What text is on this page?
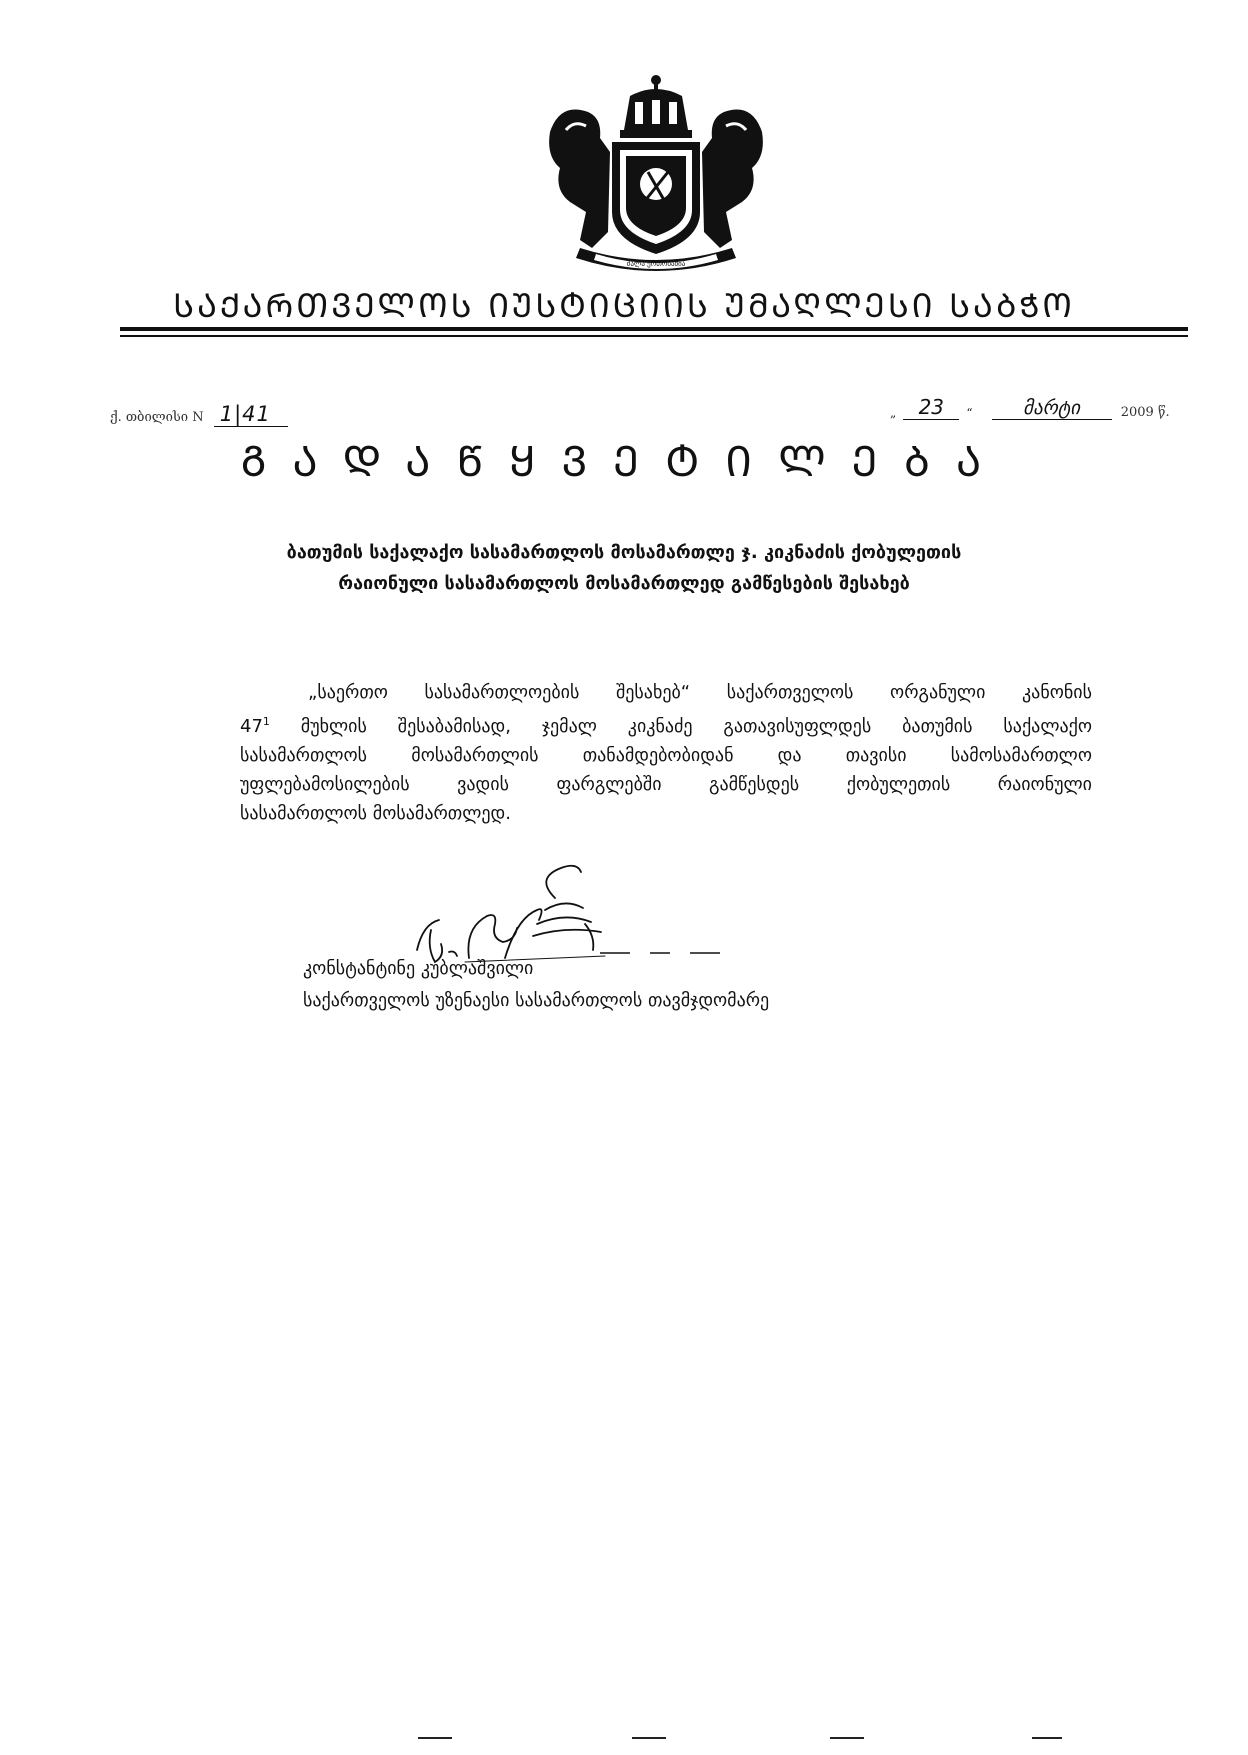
ძალა ერთობაშია
ᲡᲐᲥᲐᲠᲗᲕᲔᲚᲝᲡ ᲘᲣᲡᲢᲘᲪᲘᲘᲡ ᲣᲛᲐᲦᲚᲔᲡᲘ ᲡᲐᲑᲭᲝ
ქ. თბილისი N 1|41	„ 23 “	მარტი	2009 წ.
ᲒᲐᲓᲐᲬᲧᲕᲔᲢᲘᲚᲔᲑᲐ
ბათუმის საქალაქო სასამართლოს მოსამართლე ჯ. კიკნაძის ქობულეთის
რაიონული სასამართლოს მოსამართლედ გამწესების შესახებ
„საერთო სასამართლოების შესახებ“ საქართველოს ორგანული კანონის
$47^1$ მუხლის შესაბამისად, ჯემალ კიკნაძე გათავისუფლდეს ბათუმის საქალაქო
სასამართლოს მოსამართლის თანამდებობიდან და თავისი სამოსამართლო
უფლებამოსილების ვადის ფარგლებში გამწესდეს ქობულეთის რაიონული
სასამართლოს მოსამართლედ.
კონსტანტინე კუბლაშვილი
საქართველოს უზენაესი სასამართლოს თავმჯდომარე
